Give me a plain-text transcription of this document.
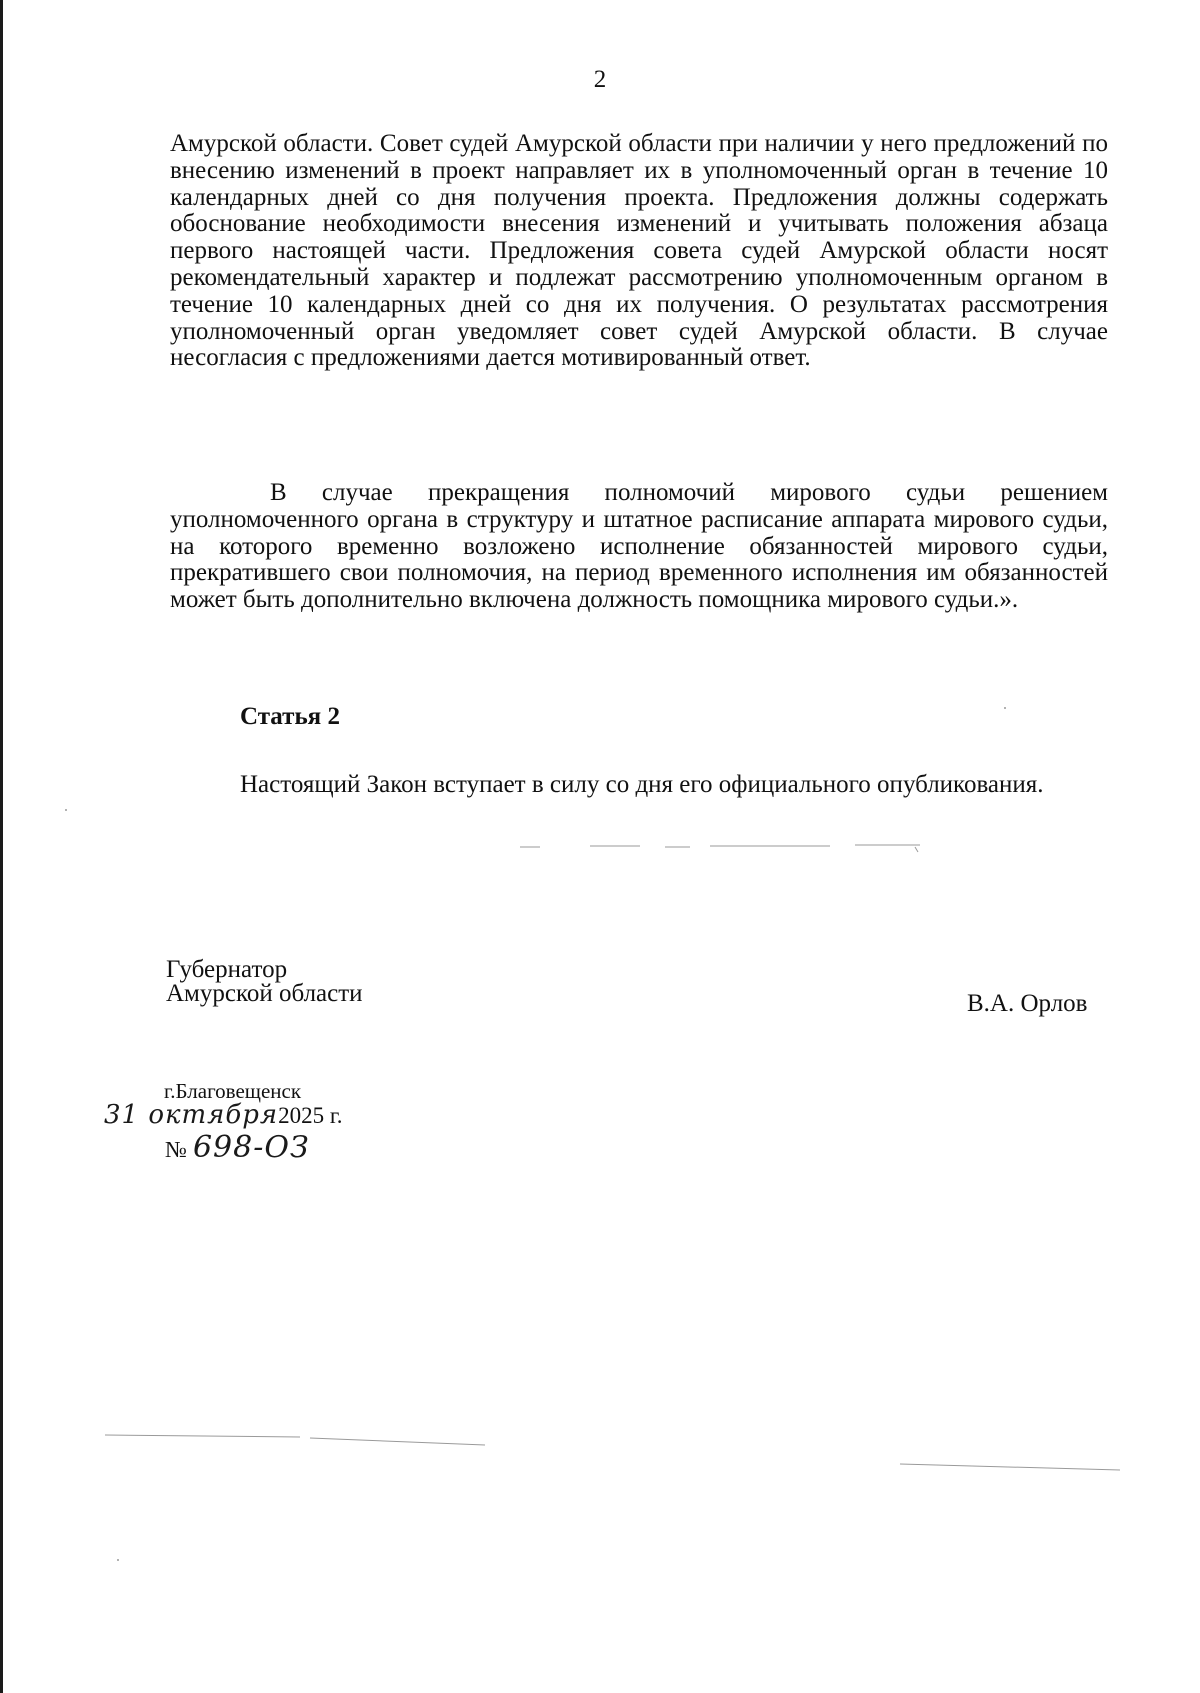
2
Амурской области. Совет судей Амурской области при наличии у него предложений по внесению изменений в проект направляет их в уполномоченный орган в течение 10 календарных дней со дня получения проекта. Предложения должны содержать обоснование необходимости внесения изменений и учитывать положения абзаца первого настоящей части. Предложения совета судей Амурской области носят рекомендательный характер и подлежат рассмотрению уполномоченным органом в течение 10 календарных дней со дня их получения. О результатах рассмотрения уполномоченный орган уведомляет совет судей Амурской области. В случае несогласия с предложениями дается мотивированный ответ.
В случае прекращения полномочий мирового судьи решением уполномоченного органа в структуру и штатное расписание аппарата мирового судьи, на которого временно возложено исполнение обязанностей мирового судьи, прекратившего свои полномочия, на период временного исполнения им обязанностей может быть дополнительно включена должность помощника мирового судьи.».
Статья 2
Настоящий Закон вступает в силу со дня его официального опубликования.
Губернатор
Амурской области	В.А. Орлов
г.Благовещенск
31 октября2025 г.
№ 698-ОЗ
